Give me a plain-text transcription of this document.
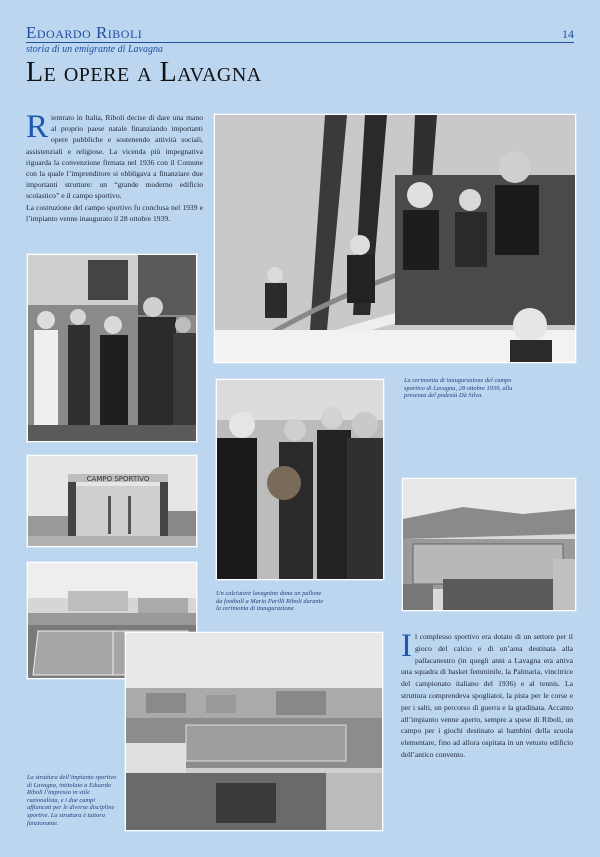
Edoardo Riboli	14
storia di un emigrante di Lavagna
Le opere a Lavagna
Rientrato in Italia, Riboli decise di dare una mano al proprio paese natale finanziando importanti opere pubbliche e sostenendo attività sociali, assistenziali e religiose. La vicenda più impegnativa riguarda la convenzione firmata nel 1936 con il Comune con la quale l’imprenditore si obbligava a finanziare due importanti strutture: un “grande moderno edificio scolastico” e il campo sportivo.
La costruzione del campo sportivo fu conclusa nel 1939 e l’impianto venne inaugurato il 28 ottobre 1939.
CAMPO SPORTIVO
La cerimonia di inaugurazione del campo sportivo di Lavagna, 28 ottobre 1939, alla presenza del podestà Dà Silva.
Un calciatore lavagnino dona un pallone da football a Maria Parilli Riboli durante la cerimonia di inaugurazione.
La struttura dell’impianto sportivo di Lavagna, intitolato a Edoardo Riboli l’impresso in stile razionalista, e i due campi affiancati per le diverse discipline sportive. La struttura è tuttora funzionante.
Il complesso sportivo era dotato di un settore per il gioco del calcio e di un’area destinata alla pallacanestro (in quegli anni a Lavagna era attiva una squadra di basket femminile, la Palmaria, vincitrice del campionato italiano del 1936) e al tennis. La struttura comprendeva spogliatoi, la pista per le corse e per i salti, un percorso di guerra e la gradinata. Accanto all’impianto venne aperto, sempre a spese di Riboli, un campo per i giochi destinato ai bambini della scuola elementare, fino ad allora ospitata in un vetusto edificio dell’antico convento.
